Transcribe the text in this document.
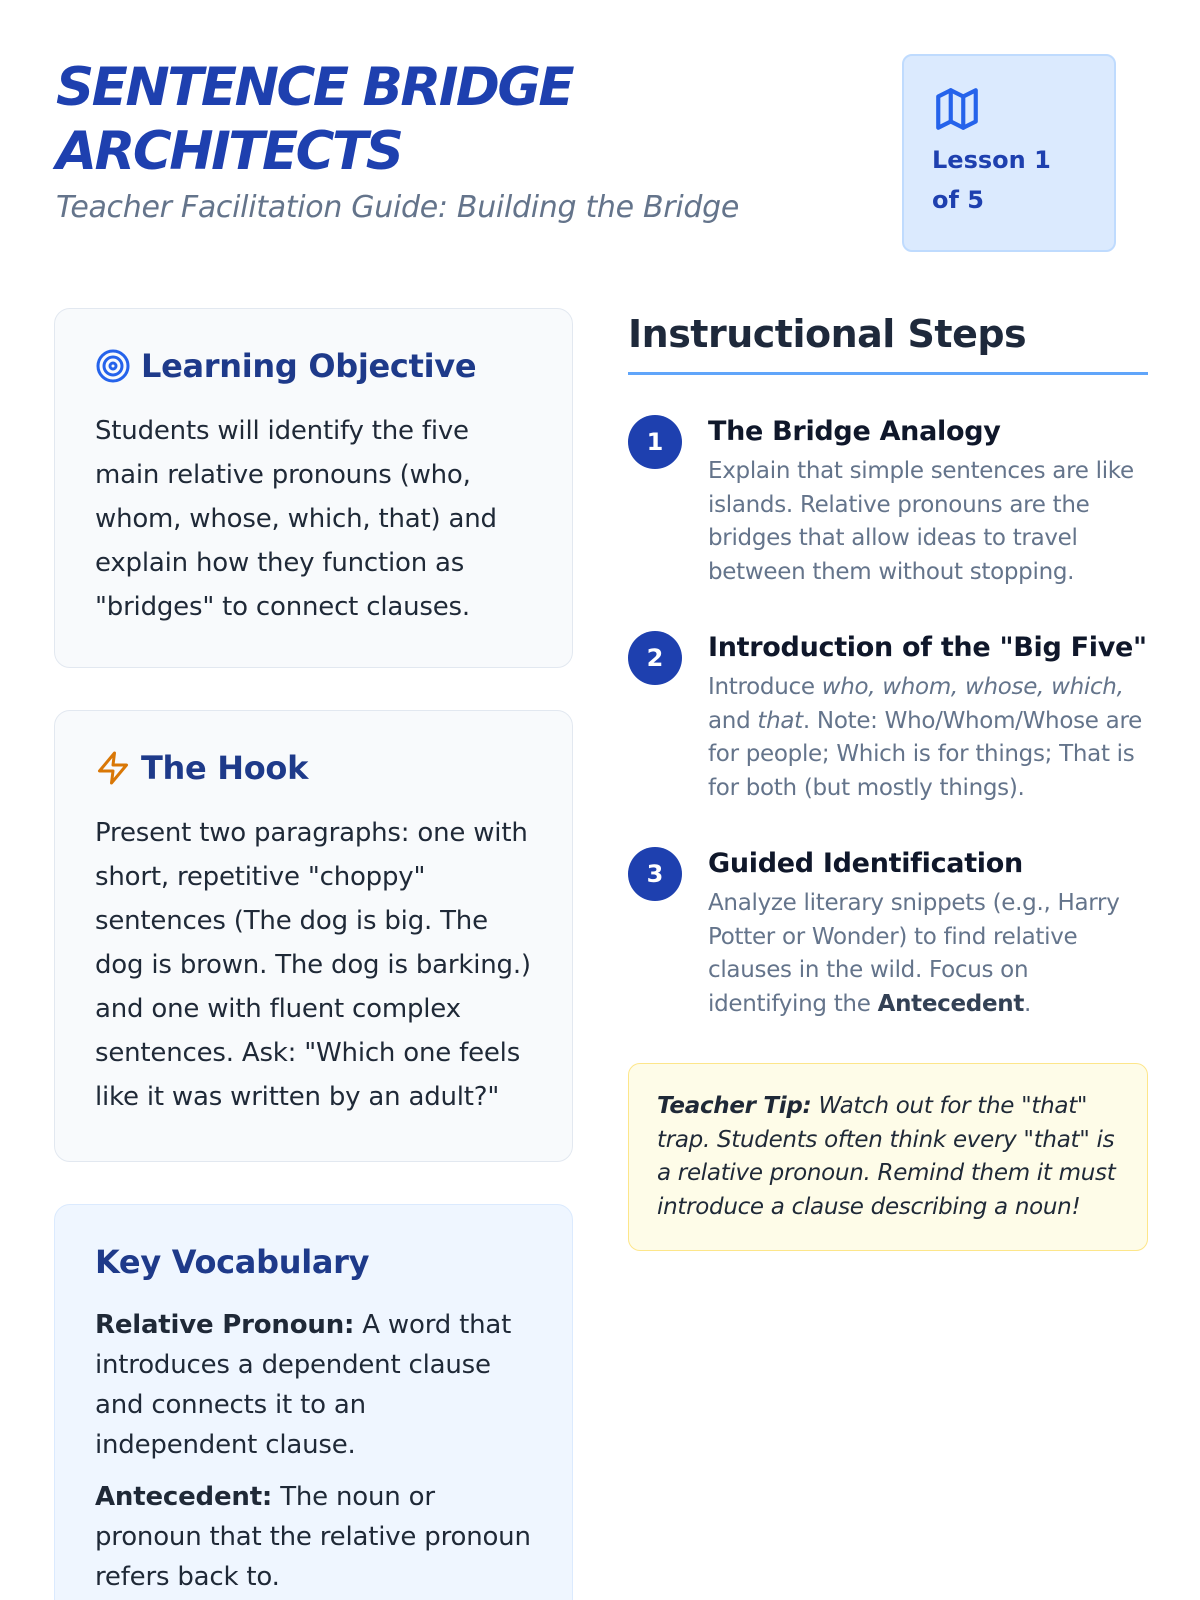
SENTENCE BRIDGE ARCHITECTS

Teacher Facilitation Guide: Building the Bridge

Lesson 1 of 5
Learning Objective

Students will identify the five main relative pronouns (who, whom, whose, which, that) and explain how they function as "bridges" to connect clauses.

The Hook

Present two paragraphs: one with short, repetitive "choppy" sentences (The dog is big. The dog is brown. The dog is barking.) and one with fluent complex sentences. Ask: "Which one feels like it was written by an adult?"

Key Vocabulary

Relative Pronoun: A word that introduces a dependent clause and connects it to an independent clause.

Antecedent: The noun or pronoun that the relative pronoun refers back to.

Instructional Steps
1	The Bridge Analogy

Explain that simple sentences are like islands. Relative pronouns are the bridges that allow ideas to travel between them without stopping.

2	Introduction of the "Big Five"

Introduce who, whom, whose, which, and that. Note: Who/Whom/Whose are for people; Which is for things; That is for both (but mostly things).

3	Guided Identification

Analyze literary snippets (e.g., Harry Potter or Wonder) to find relative clauses in the wild. Focus on identifying the Antecedent.

Teacher Tip: Watch out for the "that" trap. Students often think every "that" is a relative pronoun. Remind them it must introduce a clause describing a noun!
